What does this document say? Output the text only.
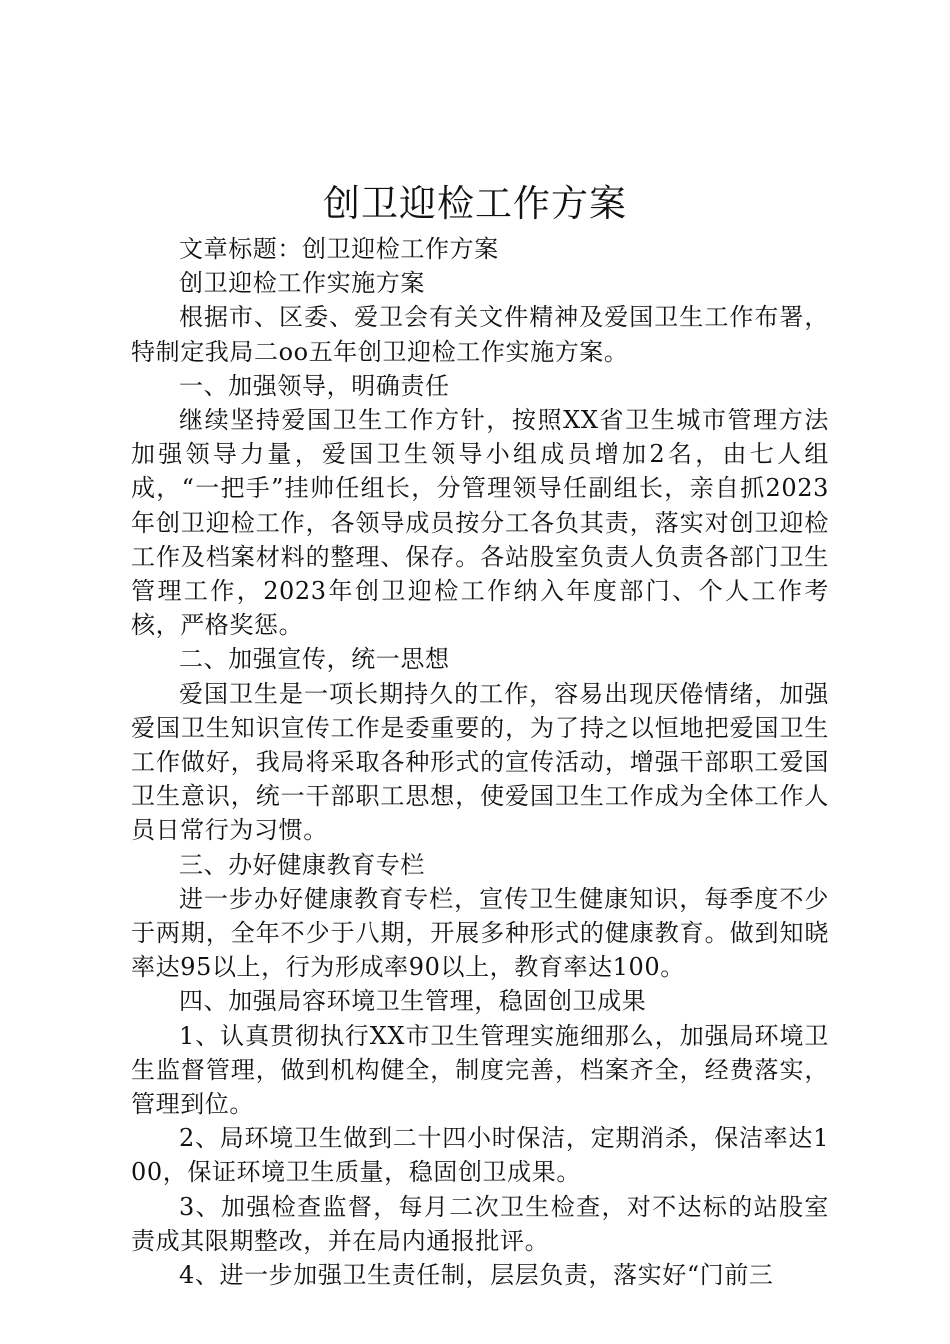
创卫迎检工作方案

文章标题：创卫迎检工作方案

创卫迎检工作实施方案

根据市、区委、爱卫会有关文件精神及爱国卫生工作布署，特制定我局二oo五年创卫迎检工作实施方案。

一、加强领导，明确责任

继续坚持爱国卫生工作方针，按照XX省卫生城市管理方法加强领导力量，爱国卫生领导小组成员增加2名，由七人组成，“一把手”挂帅任组长，分管理领导任副组长，亲自抓2023年创卫迎检工作，各领导成员按分工各负其责，落实对创卫迎检工作及档案材料的整理、保存。各站股室负责人负责各部门卫生管理工作，2023年创卫迎检工作纳入年度部门、个人工作考核，严格奖惩。

二、加强宣传，统一思想

爱国卫生是一项长期持久的工作，容易出现厌倦情绪，加强爱国卫生知识宣传工作是委重要的，为了持之以恒地把爱国卫生工作做好，我局将采取各种形式的宣传活动，增强干部职工爱国卫生意识，统一干部职工思想，使爱国卫生工作成为全体工作人员日常行为习惯。

三、办好健康教育专栏

进一步办好健康教育专栏，宣传卫生健康知识，每季度不少于两期，全年不少于八期，开展多种形式的健康教育。做到知晓率达95以上，行为形成率90以上，教育率达100。

四、加强局容环境卫生管理，稳固创卫成果

1、认真贯彻执行XX市卫生管理实施细那么，加强局环境卫生监督管理，做到机构健全，制度完善，档案齐全，经费落实，管理到位。

2、局环境卫生做到二十四小时保洁，定期消杀，保洁率达100，保证环境卫生质量，稳固创卫成果。

3、加强检查监督，每月二次卫生检查，对不达标的站股室责成其限期整改，并在局内通报批评。

4、进一步加强卫生责任制，层层负责，落实好“门前三
